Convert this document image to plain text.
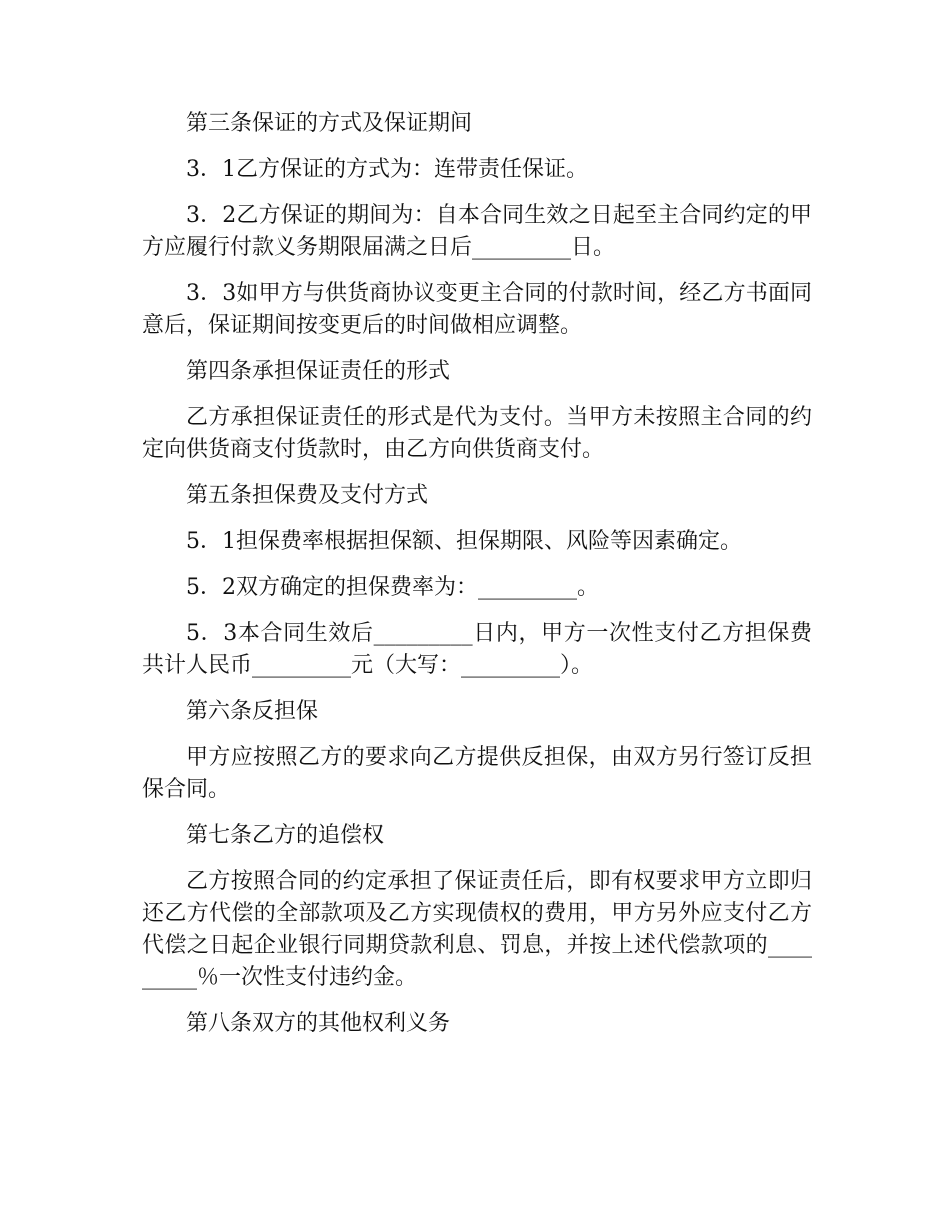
第三条保证的方式及保证期间

3．1乙方保证的方式为：连带责任保证。

3．2乙方保证的期间为：自本合同生效之日起至主合同约定的甲方应履行付款义务期限届满之日后_________日。

3．3如甲方与供货商协议变更主合同的付款时间，经乙方书面同意后，保证期间按变更后的时间做相应调整。

第四条承担保证责任的形式

乙方承担保证责任的形式是代为支付。当甲方未按照主合同的约定向供货商支付货款时，由乙方向供货商支付。

第五条担保费及支付方式

5．1担保费率根据担保额、担保期限、风险等因素确定。

5．2双方确定的担保费率为：_________。

5．3本合同生效后_________日内，甲方一次性支付乙方担保费共计人民币_________元（大写：_________）。

第六条反担保

甲方应按照乙方的要求向乙方提供反担保，由双方另行签订反担保合同。

第七条乙方的追偿权

乙方按照合同的约定承担了保证责任后，即有权要求甲方立即归还乙方代偿的全部款项及乙方实现债权的费用，甲方另外应支付乙方代偿之日起企业银行同期贷款利息、罚息，并按上述代偿款项的_________％一次性支付违约金。

第八条双方的其他权利义务
